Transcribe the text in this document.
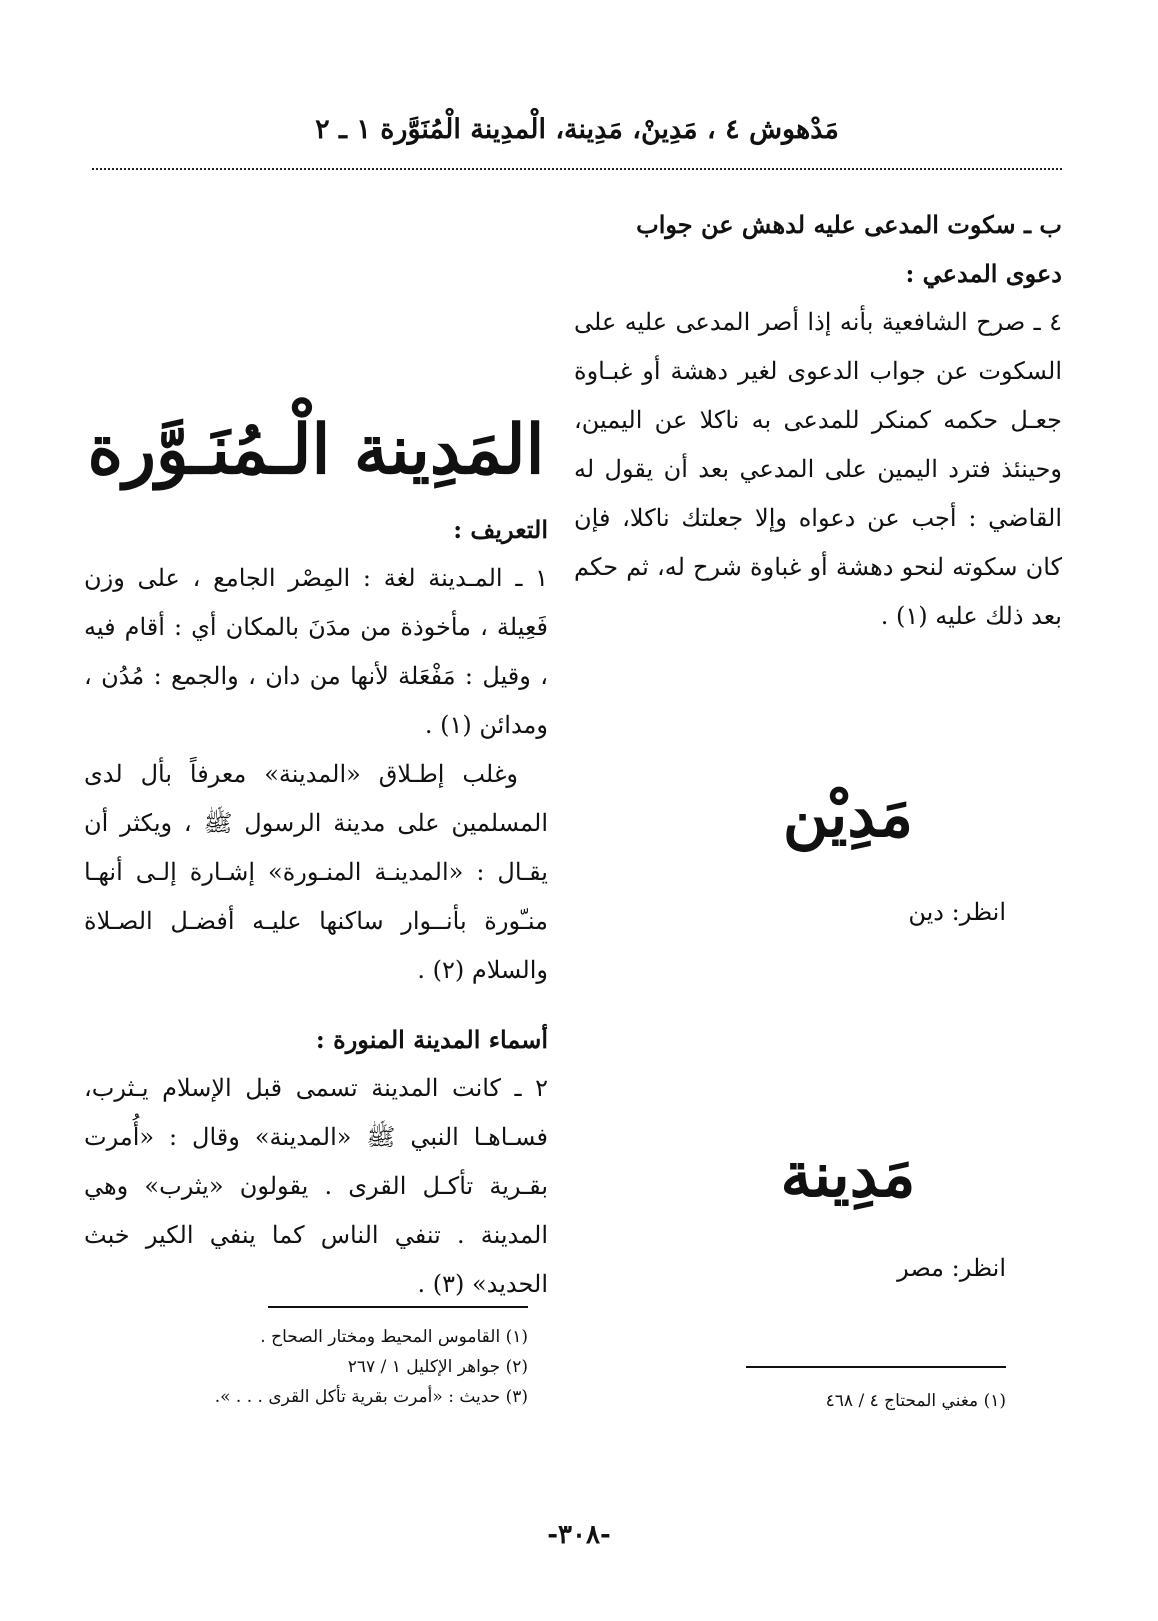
مَدْهوش ٤ ، مَدِينْ، مَدِينة، الْمدِينة الْمُنَوَّرة ١ ـ ٢

ب ـ سكوت المدعى عليه لدهش عن جواب

دعوى المدعي :

٤ ـ صرح الشافعية بأنه إذا أصر المدعى عليه على السكوت عن جواب الدعوى لغير دهشة أو غبـاوة جعـل حكمه كمنكر للمدعى به ناكلا عن اليمين، وحينئذ فترد اليمين على المدعي بعد أن يقول له القاضي : أجب عن دعواه وإلا جعلتك ناكلا، فإن كان سكوته لنحو دهشة أو غباوة شرح له، ثم حكم بعد ذلك عليه (١) .

مَدِيْن
انظر: دين
مَدِينة
انظر: مصر
(١) مغني المحتاج ٤ / ٤٦٨

المَدِينة الْـمُنَـوَّرة

التعريف :

١ ـ المـدينة لغة : المِصْر الجامع ، على وزن فَعِيلة ، مأخوذة من مدَنَ بالمكان أي : أقام فيه ، وقيل : مَفْعَلة لأنها من دان ، والجمع : مُدُن ، ومدائن (١) .

وغلب إطـلاق «المدينة» معرفاً بأل لدى المسلمين على مدينة الرسول ﷺ ، ويكثر أن يقـال : «المدينـة المنـورة» إشـارة إلـى أنهـا منـّورة بأنــوار ساكنها عليـه أفضـل الصـلاة والسلام (٢) .

أسماء المدينة المنورة :

٢ ـ كانت المدينة تسمى قبل الإسلام يـثرب، فسـاهـا النبي ﷺ «المدينة» وقال : «أُمرت بقـرية تأكـل القرى . يقولون «يثرب» وهي المدينة . تنفي الناس كما ينفي الكير خبث الحديد» (٣) .

(١) القاموس المحيط ومختار الصحاح .
(٢) جواهر الإكليل ١ / ٢٦٧
(٣) حديث : «أمرت بقرية تأكل القرى . . . ».
-٣٠٨-
